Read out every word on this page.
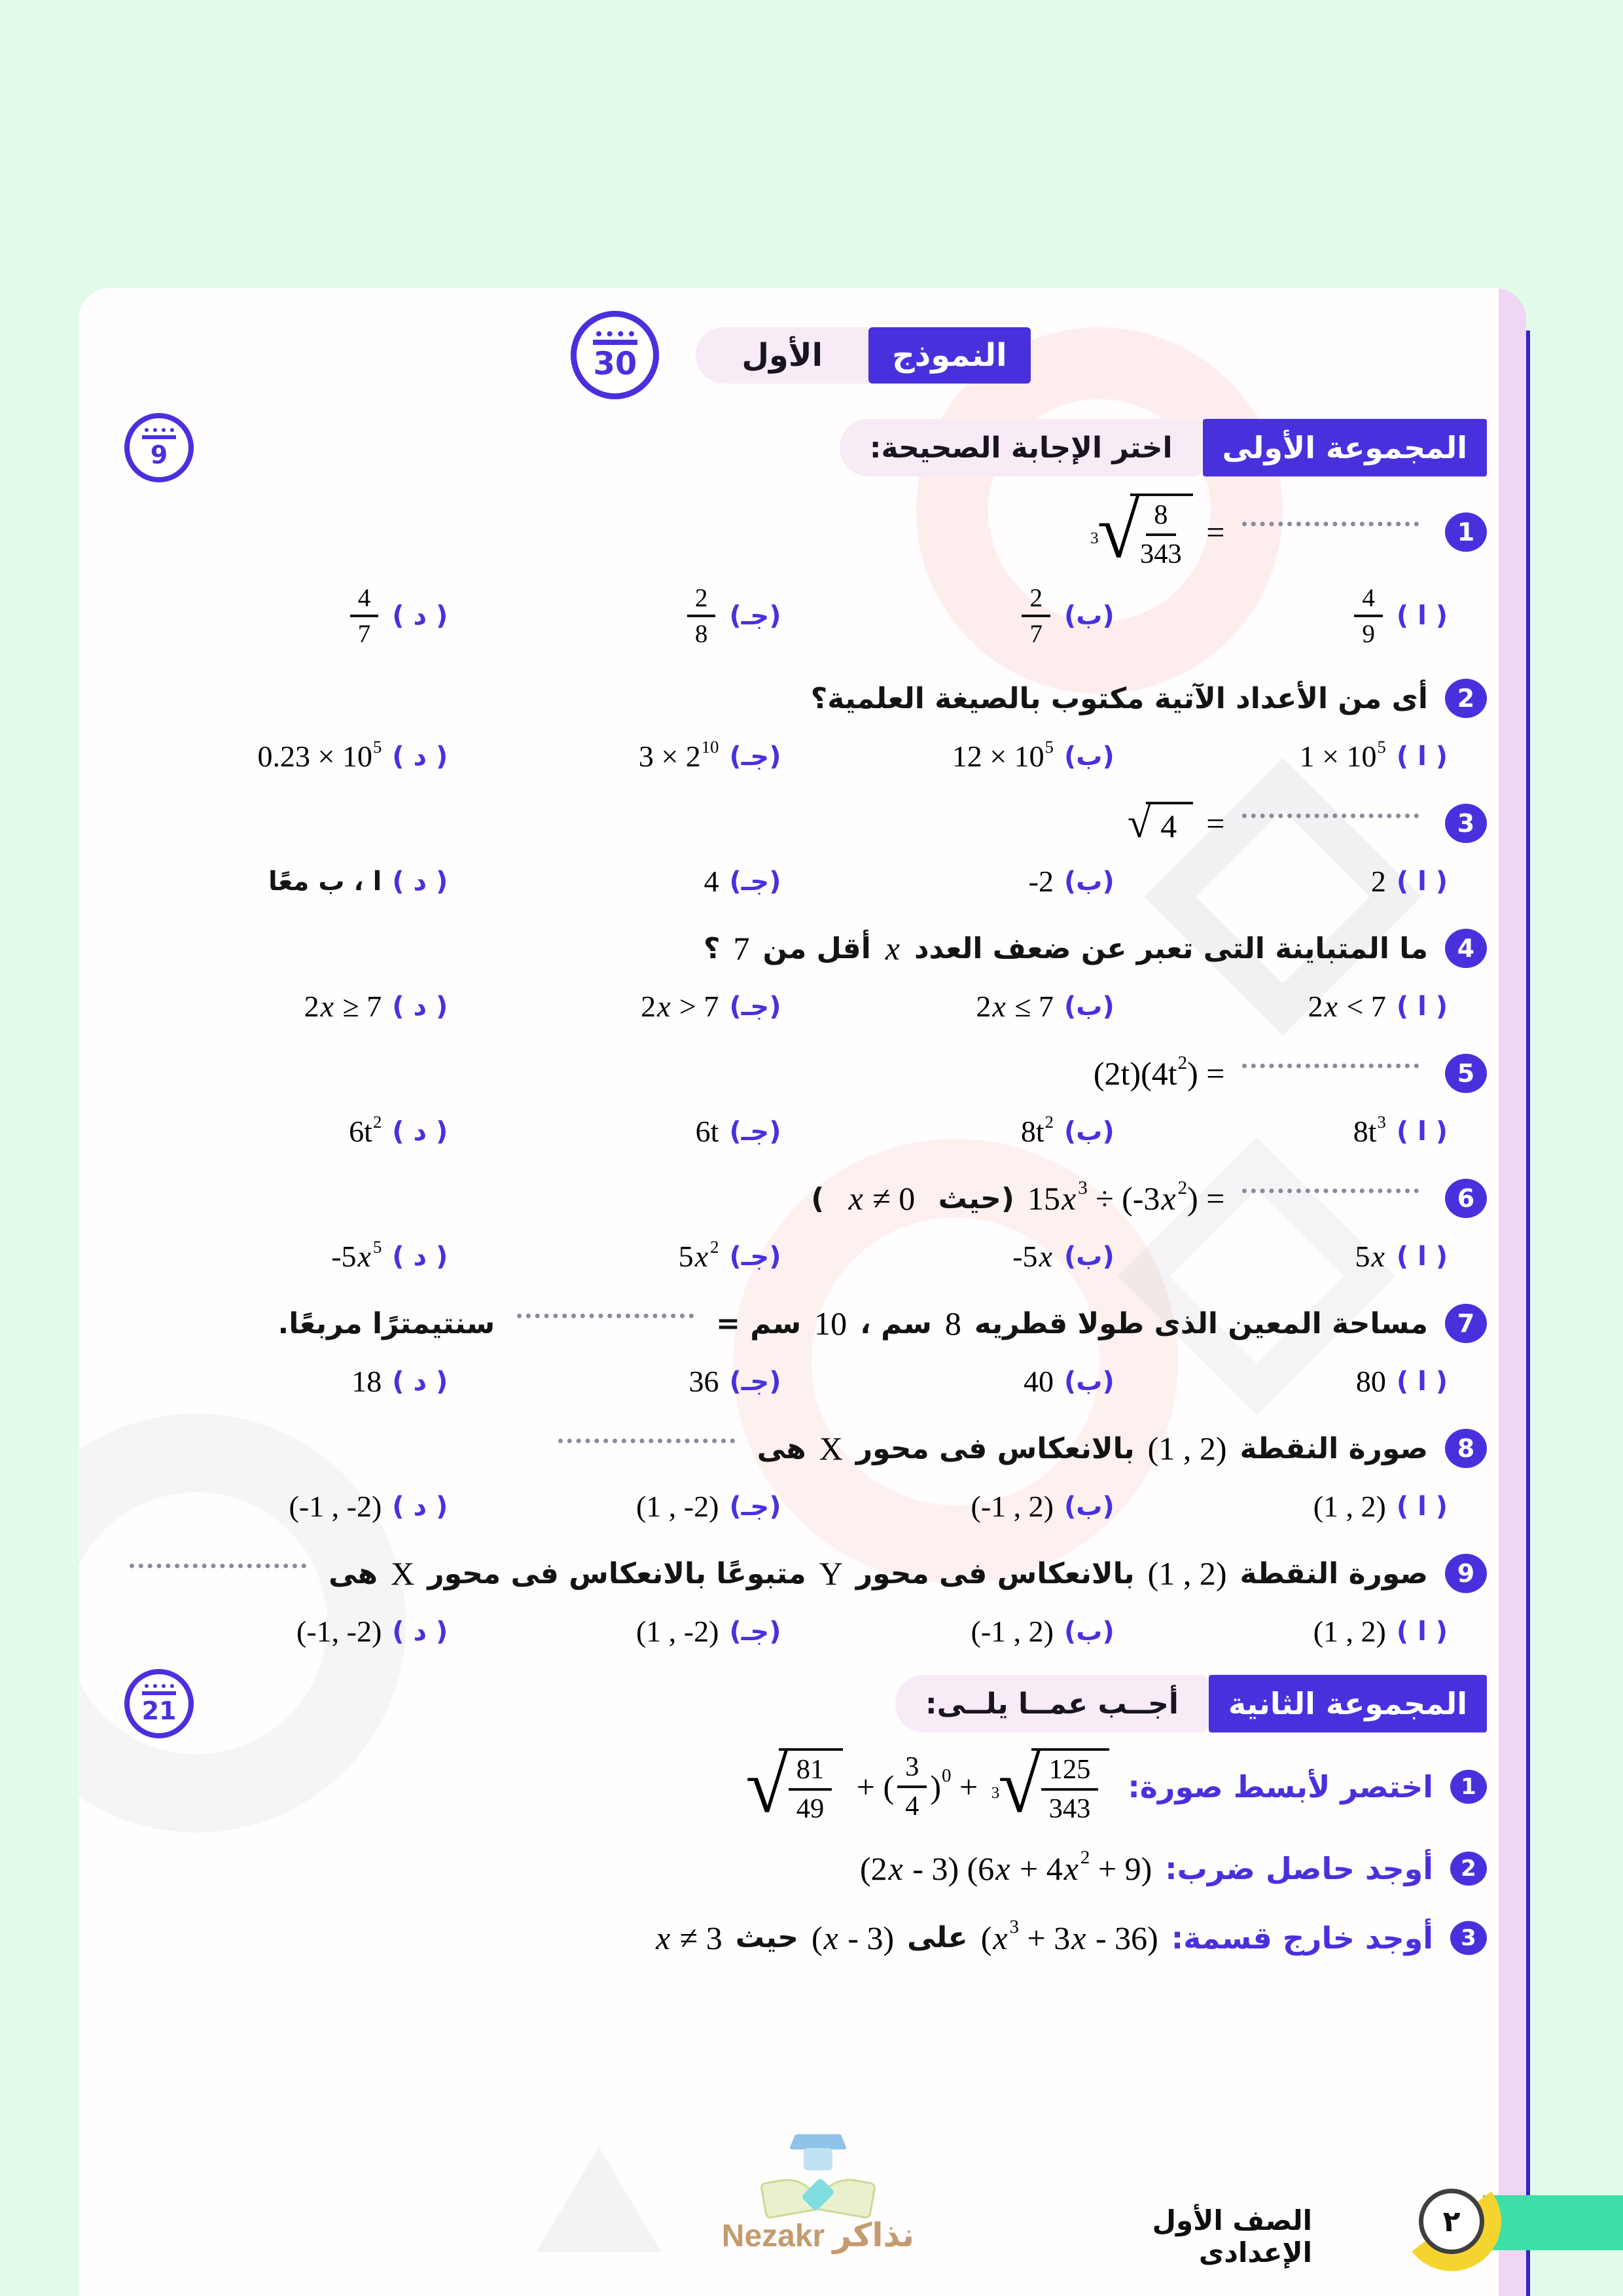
النموذج
الأول
30
المجموعة الأولى
اختر الإجابة الصحيحة:
9
1
3
√ $\frac{8}{343}$ =
( ا )
$\frac{4}{9}$
(ب)
$\frac{2}{7}$
(جـ)
$\frac{2}{8}$
( د )
$\frac{4}{7}$
2
أى من الأعداد الآتية مكتوب بالصيغة العلمية؟
( ا )
1 × 10 5
(ب)
12 × 10 5
(جـ)
3 × 2 10
( د )
0.23 × 10 5
3
√ 4 =
( ا )
2
(ب)
-2
(جـ)
4
( د )
ا ، ب معًا
4
ما المتباينة التى تعبر عن ضعف العدد
x
أقل من
7
؟
( ا )
2 x < 7
(ب)
2 x ≤ 7
(جـ)
2 x > 7
( د )
2 x ≥ 7
5
(2t)(4t 2 ) =
( ا )
8t 3
(ب)
8t 2
(جـ)
6t
( د )
6t 2
6
15 x 3 ÷ (-3 x 2 ) =
(حيث
x ≠ 0
)
( ا )
5 x
(ب)
-5 x
(جـ)
5 x 2
( د )
-5 x 5
7
مساحة المعين الذى طولا قطريه
8
سم ،
10
سم =
سنتيمترًا مربعًا.
( ا )
80
(ب)
40
(جـ)
36
( د )
18
8
صورة النقطة
(1 , 2)
بالانعكاس فى محور
X
هى
( ا )
(1 , 2)
(ب)
(-1 , 2)
(جـ)
(1 , -2)
( د )
(-1 , -2)
9
صورة النقطة
(1 , 2)
بالانعكاس فى محور
Y
متبوعًا بالانعكاس فى محور
X
هى
( ا )
(1 , 2)
(ب)
(-1 , 2)
(جـ)
(1 , -2)
( د )
(-1, -2)
المجموعة الثانية
أجــب عمــا يلــى:
21
1
اختصر لأبسط صورة:
√ $\frac{81}{49}$ + ( $\frac{3}{4}$ ) 0 + 3
√ $\frac{125}{343}$
2
أوجد حاصل ضرب:
(2 x - 3) (6 x + 4 x 2 + 9)
3
أوجد خارج قسمة:
( x 3 + 3 x - 36)
على
( x - 3)
حيث
x ≠ 3
٢
الصف الأول الإعدادى
Nezakr نذاكر
